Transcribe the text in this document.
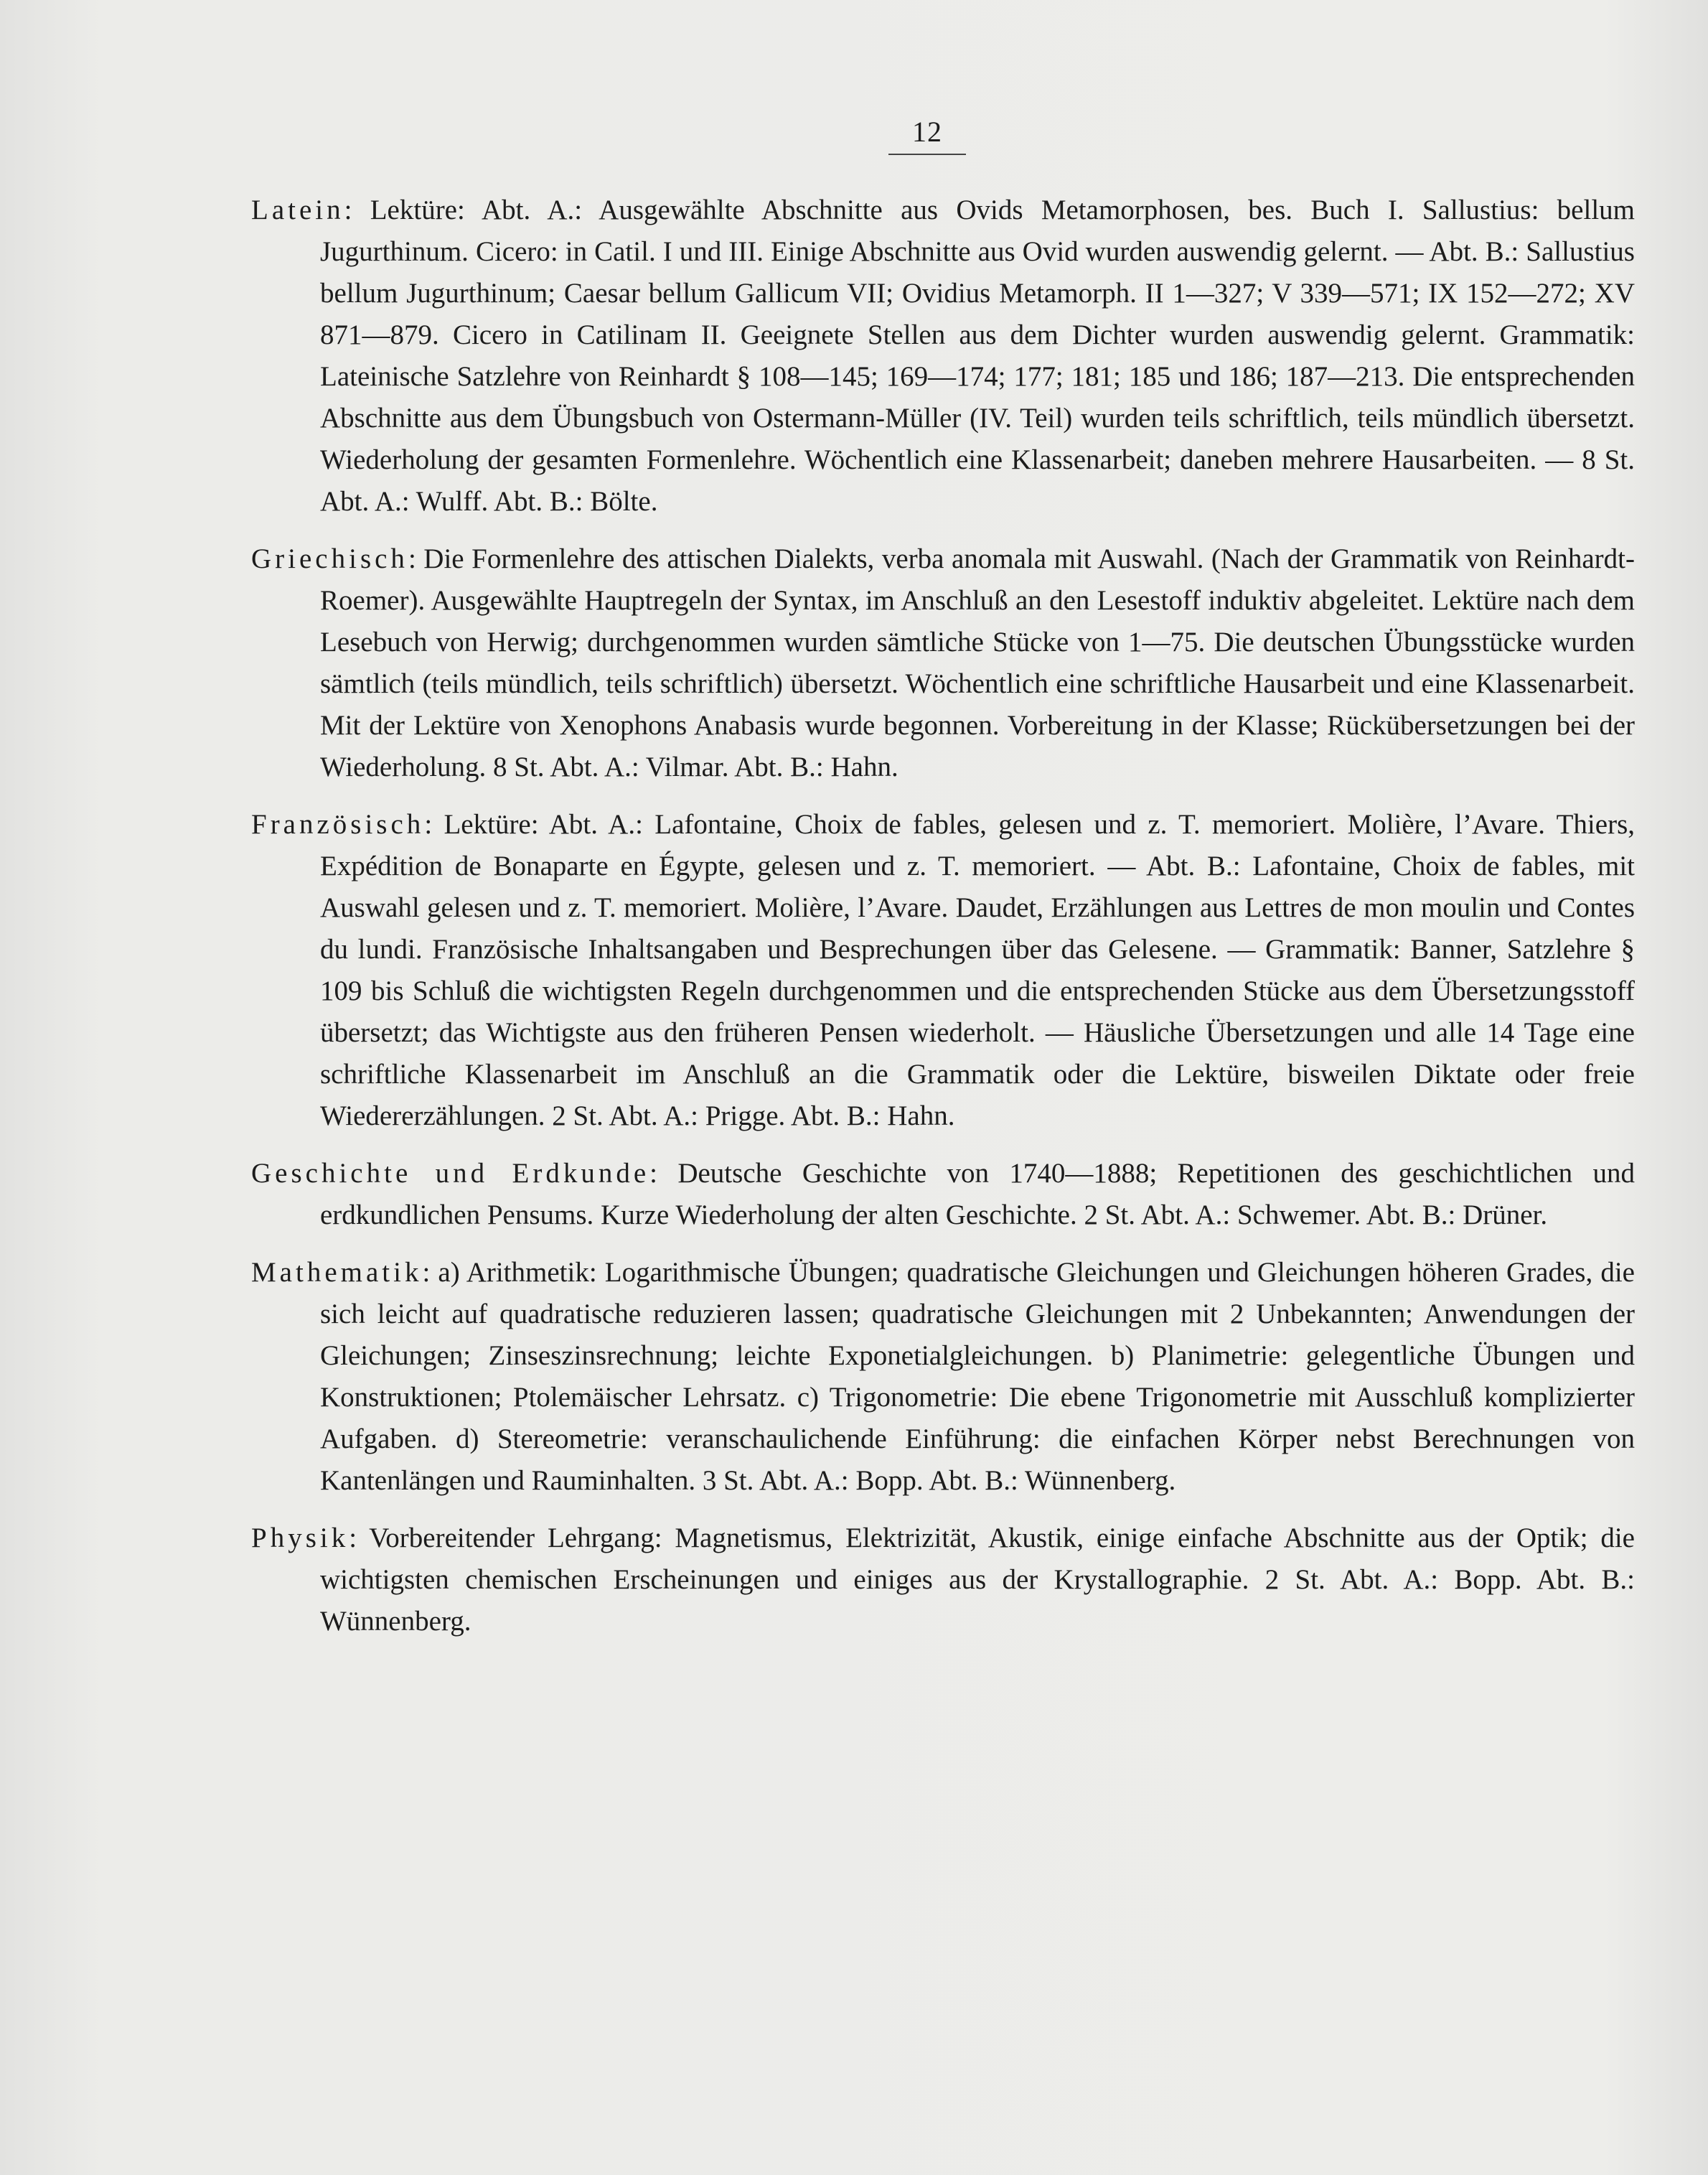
12

Latein: Lektüre: Abt. A.: Ausgewählte Abschnitte aus Ovids Metamorphosen, bes. Buch I. Sallustius: bellum Jugurthinum. Cicero: in Catil. I und III. Einige Abschnitte aus Ovid wurden auswendig gelernt. — Abt. B.: Sallustius bellum Jugurthinum; Caesar bellum Gallicum VII; Ovidius Metamorph. II 1—327; V 339—571; IX 152—272; XV 871—879. Cicero in Catilinam II. Geeignete Stellen aus dem Dichter wurden auswendig gelernt. Grammatik: Lateinische Satzlehre von Reinhardt § 108—145; 169—174; 177; 181; 185 und 186; 187—213. Die entsprechenden Abschnitte aus dem Übungsbuch von Ostermann-Müller (IV. Teil) wurden teils schriftlich, teils mündlich übersetzt. Wiederholung der gesamten Formenlehre. Wöchentlich eine Klassenarbeit; daneben mehrere Hausarbeiten. — 8 St. Abt. A.: Wulff. Abt. B.: Bölte.

Griechisch: Die Formenlehre des attischen Dialekts, verba anomala mit Auswahl. (Nach der Grammatik von Reinhardt-Roemer). Ausgewählte Hauptregeln der Syntax, im Anschluß an den Lesestoff induktiv abgeleitet. Lektüre nach dem Lesebuch von Herwig; durchgenommen wurden sämtliche Stücke von 1—75. Die deutschen Übungsstücke wurden sämtlich (teils mündlich, teils schriftlich) übersetzt. Wöchentlich eine schriftliche Hausarbeit und eine Klassenarbeit. Mit der Lektüre von Xenophons Anabasis wurde begonnen. Vorbereitung in der Klasse; Rückübersetzungen bei der Wiederholung. 8 St. Abt. A.: Vilmar. Abt. B.: Hahn.

Französisch: Lektüre: Abt. A.: Lafontaine, Choix de fables, gelesen und z. T. memoriert. Molière, l’Avare. Thiers, Expédition de Bonaparte en Égypte, gelesen und z. T. memoriert. — Abt. B.: Lafontaine, Choix de fables, mit Auswahl gelesen und z. T. memoriert. Molière, l’Avare. Daudet, Erzählungen aus Lettres de mon moulin und Contes du lundi. Französische Inhaltsangaben und Besprechungen über das Gelesene. — Grammatik: Banner, Satzlehre § 109 bis Schluß die wichtigsten Regeln durchgenommen und die entsprechenden Stücke aus dem Übersetzungsstoff übersetzt; das Wichtigste aus den früheren Pensen wiederholt. — Häusliche Übersetzungen und alle 14 Tage eine schriftliche Klassenarbeit im Anschluß an die Grammatik oder die Lektüre, bisweilen Diktate oder freie Wiedererzählungen. 2 St. Abt. A.: Prigge. Abt. B.: Hahn.

Geschichte und Erdkunde: Deutsche Geschichte von 1740—1888; Repetitionen des geschichtlichen und erdkundlichen Pensums. Kurze Wiederholung der alten Geschichte. 2 St. Abt. A.: Schwemer. Abt. B.: Drüner.

Mathematik: a) Arithmetik: Logarithmische Übungen; quadratische Gleichungen und Gleichungen höheren Grades, die sich leicht auf quadratische reduzieren lassen; quadratische Gleichungen mit 2 Unbekannten; Anwendungen der Gleichungen; Zinseszinsrechnung; leichte Exponetialgleichungen. b) Planimetrie: gelegentliche Übungen und Konstruktionen; Ptolemäischer Lehrsatz. c) Trigonometrie: Die ebene Trigonometrie mit Ausschluß komplizierter Aufgaben. d) Stereometrie: veranschaulichende Einführung: die einfachen Körper nebst Berechnungen von Kantenlängen und Rauminhalten. 3 St. Abt. A.: Bopp. Abt. B.: Wünnenberg.

Physik: Vorbereitender Lehrgang: Magnetismus, Elektrizität, Akustik, einige einfache Abschnitte aus der Optik; die wichtigsten chemischen Erscheinungen und einiges aus der Krystallographie. 2 St. Abt. A.: Bopp. Abt. B.: Wünnenberg.
